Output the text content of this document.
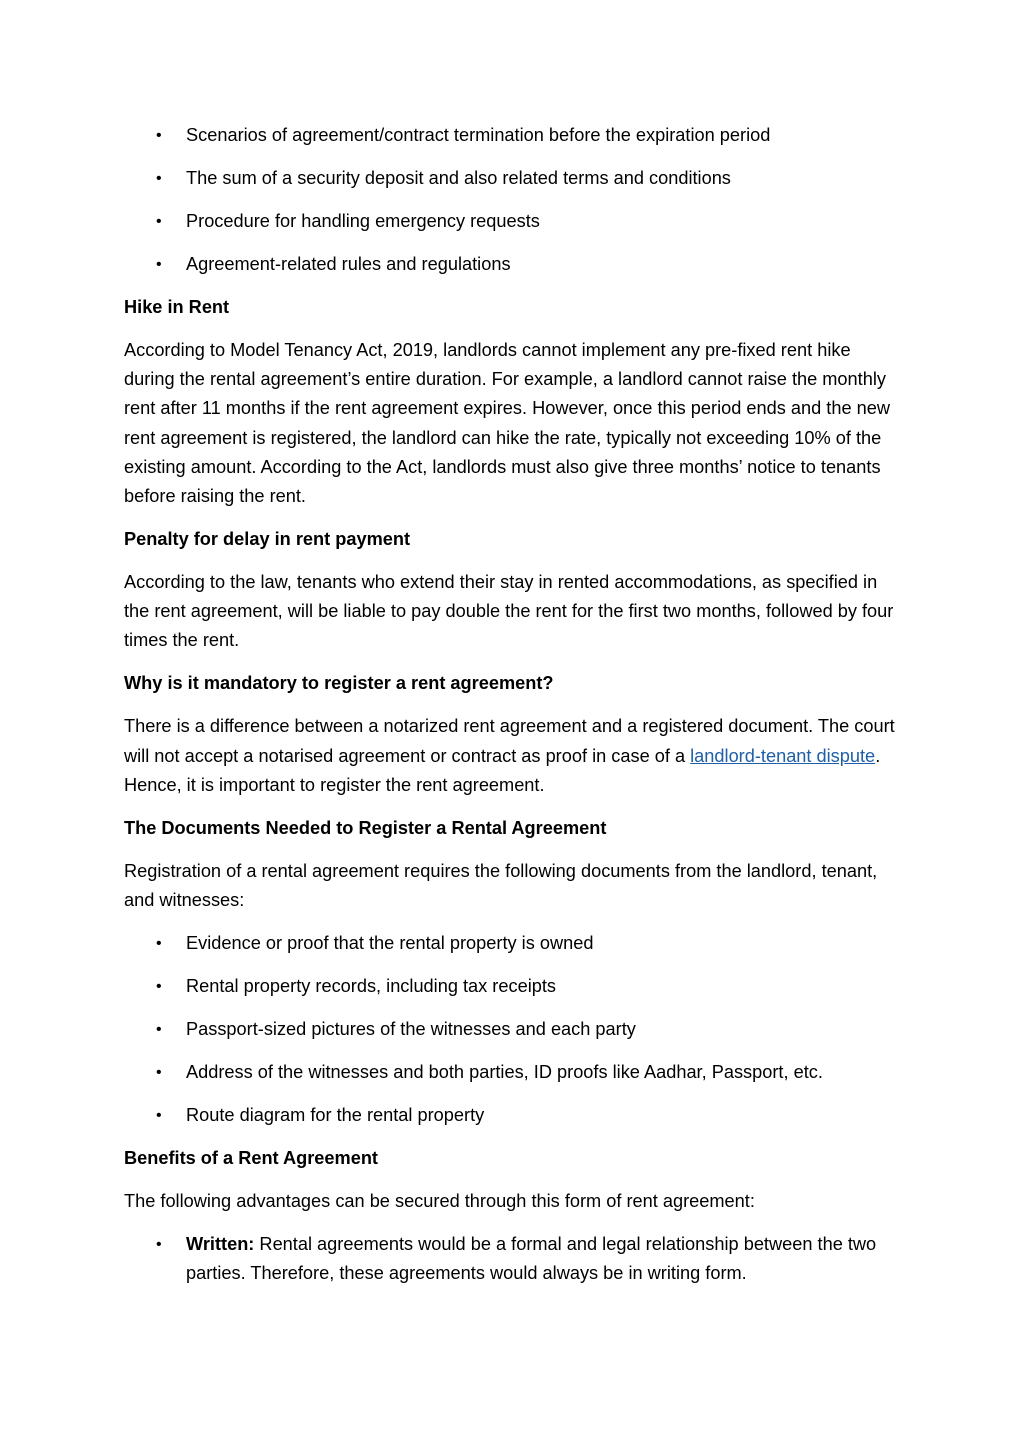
• Scenarios of agreement/contract termination before the expiration period
• The sum of a security deposit and also related terms and conditions
• Procedure for handling emergency requests
• Agreement-related rules and regulations
Hike in Rent
According to Model Tenancy Act, 2019, landlords cannot implement any pre-fixed rent hike during the rental agreement’s entire duration. For example, a landlord cannot raise the monthly rent after 11 months if the rent agreement expires. However, once this period ends and the new rent agreement is registered, the landlord can hike the rate, typically not exceeding 10% of the existing amount. According to the Act, landlords must also give three months’ notice to tenants before raising the rent.
Penalty for delay in rent payment
According to the law, tenants who extend their stay in rented accommodations, as specified in the rent agreement, will be liable to pay double the rent for the first two months, followed by four times the rent.
Why is it mandatory to register a rent agreement?
There is a difference between a notarized rent agreement and a registered document. The court will not accept a notarised agreement or contract as proof in case of a landlord-tenant dispute. Hence, it is important to register the rent agreement.
The Documents Needed to Register a Rental Agreement
Registration of a rental agreement requires the following documents from the landlord, tenant, and witnesses:
• Evidence or proof that the rental property is owned
• Rental property records, including tax receipts
• Passport-sized pictures of the witnesses and each party
• Address of the witnesses and both parties, ID proofs like Aadhar, Passport, etc.
• Route diagram for the rental property
Benefits of a Rent Agreement
The following advantages can be secured through this form of rent agreement:
• Written: Rental agreements would be a formal and legal relationship between the two parties. Therefore, these agreements would always be in writing form.
